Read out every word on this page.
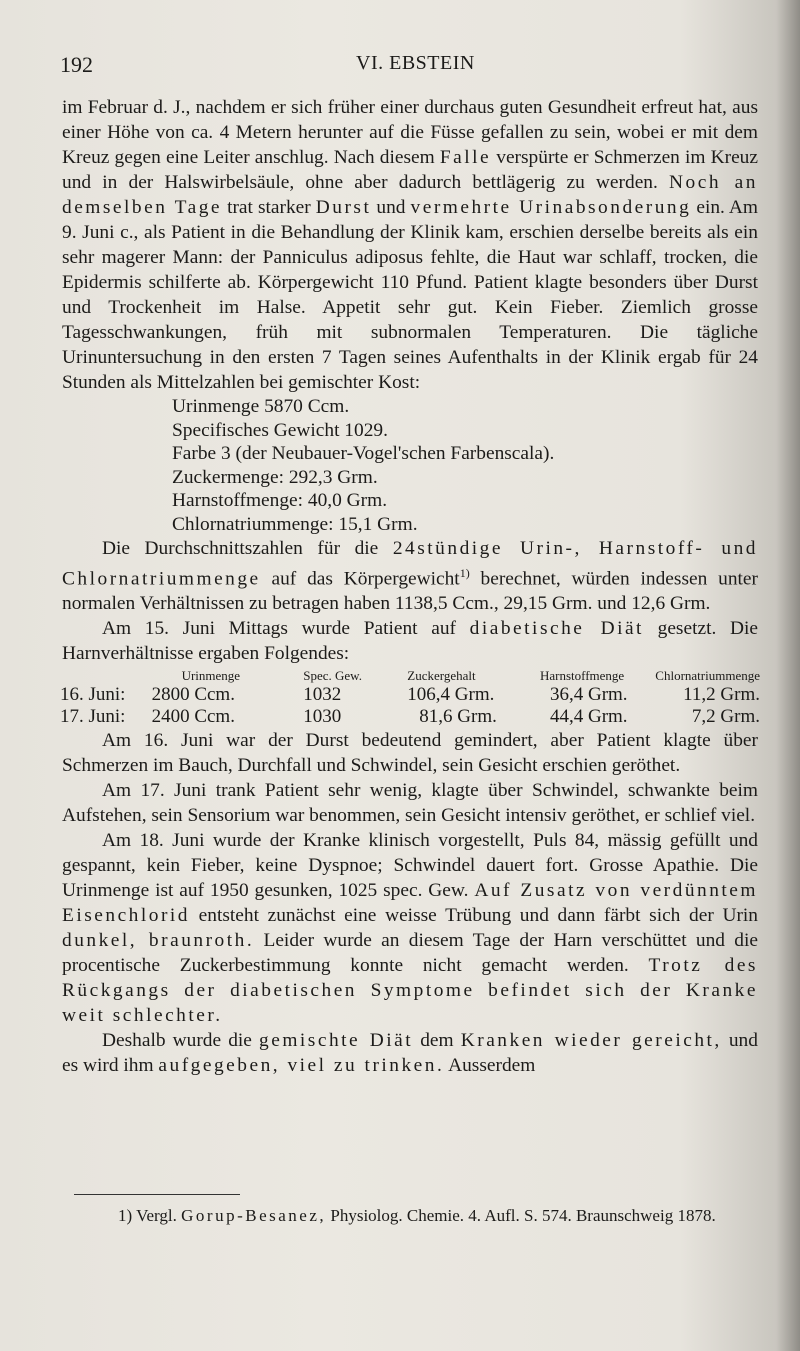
192	VI. EBSTEIN

im Februar d. J., nachdem er sich früher einer durchaus guten Gesundheit erfreut hat, aus einer Höhe von ca. 4 Metern herunter auf die Füsse gefallen zu sein, wobei er mit dem Kreuz gegen eine Leiter anschlug. Nach diesem Falle verspürte er Schmerzen im Kreuz und in der Halswirbelsäule, ohne aber dadurch bettlägerig zu werden. Noch an demselben Tage trat starker Durst und vermehrte Urinabsonderung ein. Am 9. Juni c., als Patient in die Behandlung der Klinik kam, erschien derselbe bereits als ein sehr magerer Mann: der Panniculus adiposus fehlte, die Haut war schlaff, trocken, die Epidermis schilferte ab. Körpergewicht 110 Pfund. Patient klagte besonders über Durst und Trockenheit im Halse. Appetit sehr gut. Kein Fieber. Ziemlich grosse Tagesschwankungen, früh mit subnormalen Temperaturen. Die tägliche Urinuntersuchung in den ersten 7 Tagen seines Aufenthalts in der Klinik ergab für 24 Stunden als Mittelzahlen bei gemischter Kost:

Urinmenge 5870 Ccm.
Specifisches Gewicht 1029.
Farbe 3 (der Neubauer-Vogel'schen Farbenscala).
Zuckermenge: 292,3 Grm.
Harnstoffmenge: 40,0 Grm.
Chlornatriummenge: 15,1 Grm.

Die Durchschnittszahlen für die 24stündige Urin-, Harnstoff- und Chlornatriummenge auf das Körpergewicht$^{1)}$ berechnet, würden indessen unter normalen Verhältnissen zu betragen haben 1138,5 Ccm., 29,15 Grm. und 12,6 Grm.

Am 15. Juni Mittags wurde Patient auf diabetische Diät gesetzt. Die Harnverhältnisse ergaben Folgendes:

	Urinmenge	Spec. Gew.	Zuckergehalt	Harnstoffmenge	Chlornatriummenge
16. Juni:	2800 Ccm.	1032	106,4 Grm.	36,4 Grm.	11,2 Grm.
17. Juni:	2400 Ccm.	1030	81,6 Grm.	44,4 Grm.	7,2 Grm.

Am 16. Juni war der Durst bedeutend gemindert, aber Patient klagte über Schmerzen im Bauch, Durchfall und Schwindel, sein Gesicht erschien geröthet.

Am 17. Juni trank Patient sehr wenig, klagte über Schwindel, schwankte beim Aufstehen, sein Sensorium war benommen, sein Gesicht intensiv geröthet, er schlief viel.

Am 18. Juni wurde der Kranke klinisch vorgestellt, Puls 84, mässig gefüllt und gespannt, kein Fieber, keine Dyspnoe; Schwindel dauert fort. Grosse Apathie. Die Urinmenge ist auf 1950 gesunken, 1025 spec. Gew. Auf Zusatz von verdünntem Eisenchlorid entsteht zunächst eine weisse Trübung und dann färbt sich der Urin dunkel, braunroth. Leider wurde an diesem Tage der Harn verschüttet und die procentische Zuckerbestimmung konnte nicht gemacht werden. Trotz des Rückgangs der diabetischen Symptome befindet sich der Kranke weit schlechter.

Deshalb wurde die gemischte Diät dem Kranken wieder gereicht, und es wird ihm aufgegeben, viel zu trinken. Ausserdem

1) Vergl. Gorup-Besanez, Physiolog. Chemie. 4. Aufl. S. 574. Braunschweig 1878.
